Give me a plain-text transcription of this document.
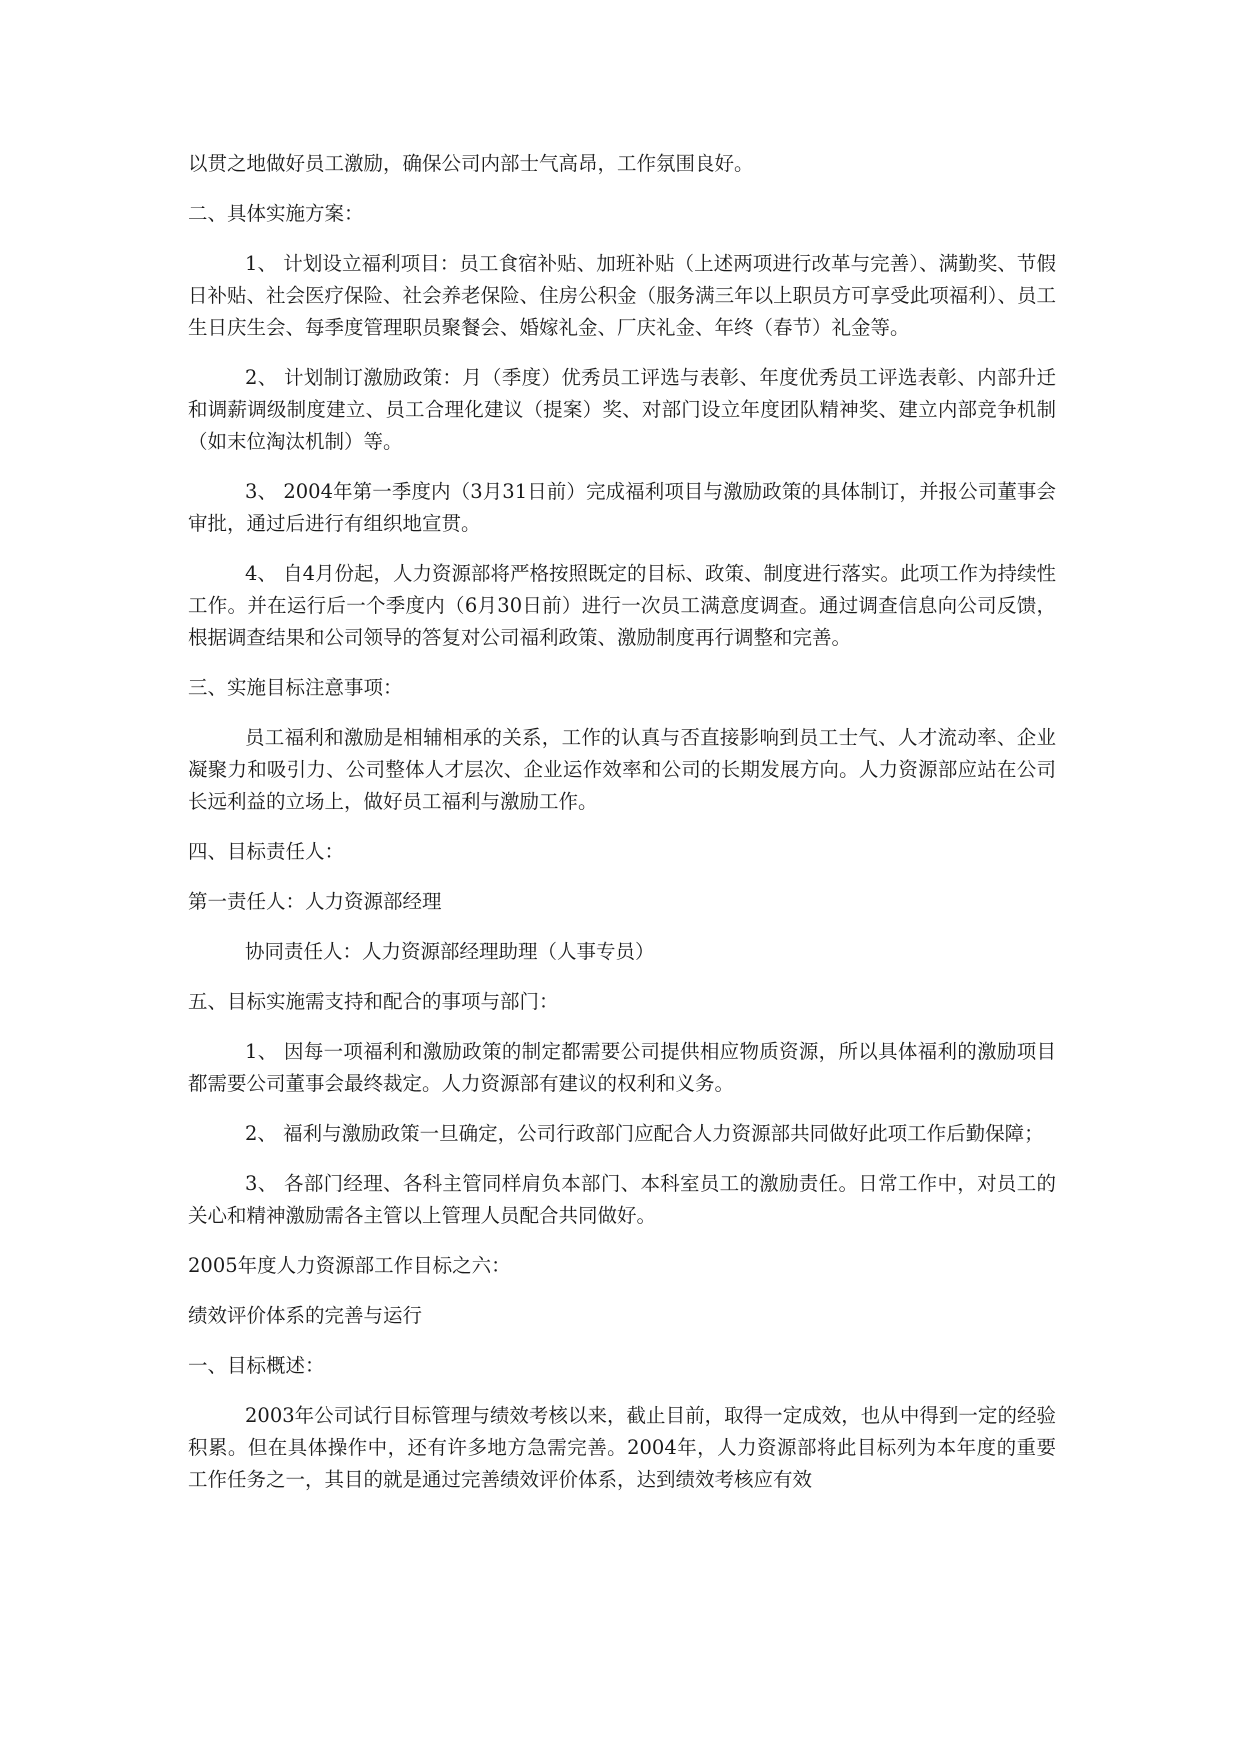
以贯之地做好员工激励，确保公司内部士气高昂，工作氛围良好。

二、具体实施方案：

1、 计划设立福利项目：员工食宿补贴、加班补贴（上述两项进行改革与完善）、满勤奖、节假日补贴、社会医疗保险、社会养老保险、住房公积金（服务满三年以上职员方可享受此项福利）、员工生日庆生会、每季度管理职员聚餐会、婚嫁礼金、厂庆礼金、年终（春节）礼金等。

2、 计划制订激励政策：月（季度）优秀员工评选与表彰、年度优秀员工评选表彰、内部升迁和调薪调级制度建立、员工合理化建议（提案）奖、对部门设立年度团队精神奖、建立内部竞争机制（如末位淘汰机制）等。

3、 2004年第一季度内（3月31日前）完成福利项目与激励政策的具体制订，并报公司董事会审批，通过后进行有组织地宣贯。

4、 自4月份起，人力资源部将严格按照既定的目标、政策、制度进行落实。此项工作为持续性工作。并在运行后一个季度内（6月30日前）进行一次员工满意度调查。通过调查信息向公司反馈，根据调查结果和公司领导的答复对公司福利政策、激励制度再行调整和完善。

三、实施目标注意事项：

员工福利和激励是相辅相承的关系，工作的认真与否直接影响到员工士气、人才流动率、企业凝聚力和吸引力、公司整体人才层次、企业运作效率和公司的长期发展方向。人力资源部应站在公司长远利益的立场上，做好员工福利与激励工作。

四、目标责任人：

第一责任人：人力资源部经理

协同责任人：人力资源部经理助理（人事专员）

五、目标实施需支持和配合的事项与部门：

1、 因每一项福利和激励政策的制定都需要公司提供相应物质资源，所以具体福利的激励项目都需要公司董事会最终裁定。人力资源部有建议的权利和义务。

2、 福利与激励政策一旦确定，公司行政部门应配合人力资源部共同做好此项工作后勤保障；

3、 各部门经理、各科主管同样肩负本部门、本科室员工的激励责任。日常工作中，对员工的关心和精神激励需各主管以上管理人员配合共同做好。

2005年度人力资源部工作目标之六：

绩效评价体系的完善与运行

一、目标概述：

2003年公司试行目标管理与绩效考核以来，截止目前，取得一定成效，也从中得到一定的经验积累。但在具体操作中，还有许多地方急需完善。2004年，人力资源部将此目标列为本年度的重要工作任务之一，其目的就是通过完善绩效评价体系，达到绩效考核应有效
